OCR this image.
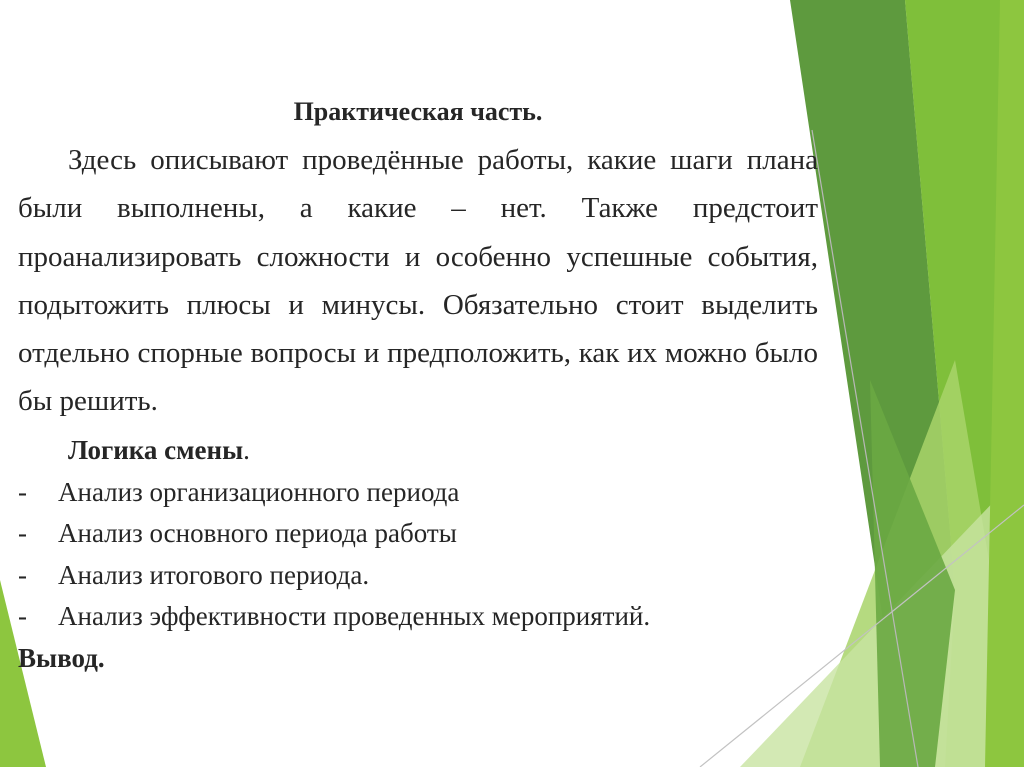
Практическая часть.

Здесь описывают проведённые работы, какие шаги плана были выполнены, а какие – нет. Также предстоит проанализировать сложности и особенно успешные события, подытожить плюсы и минусы. Обязательно стоит выделить отдельно спорные вопросы и предположить, как их можно было бы решить.

Логика смены.
-	Анализ организационного периода
-	Анализ основного периода работы
-	Анализ итогового периода.
-	Анализ эффективности проведенных мероприятий.
Вывод.
